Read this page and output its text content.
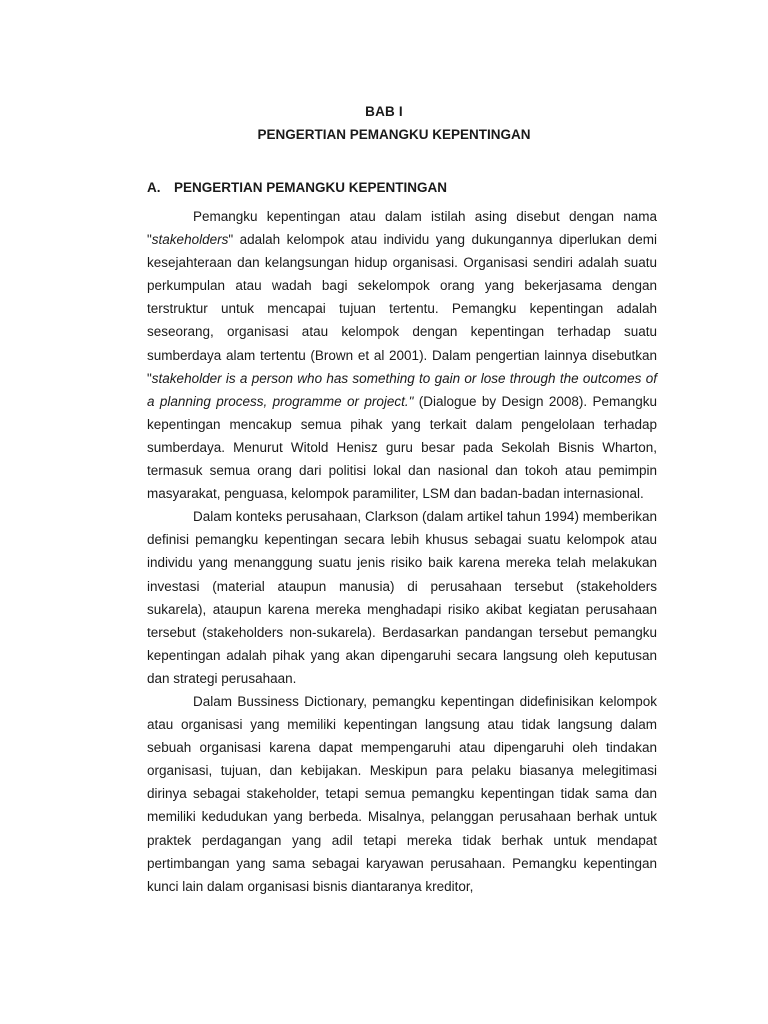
BAB I
PENGERTIAN PEMANGKU KEPENTINGAN
A. PENGERTIAN PEMANGKU KEPENTINGAN

Pemangku kepentingan atau dalam istilah asing disebut dengan nama "stakeholders" adalah kelompok atau individu yang dukungannya diperlukan demi kesejahteraan dan kelangsungan hidup organisasi. Organisasi sendiri adalah suatu perkumpulan atau wadah bagi sekelompok orang yang bekerjasama dengan terstruktur untuk mencapai tujuan tertentu. Pemangku kepentingan adalah seseorang, organisasi atau kelompok dengan kepentingan terhadap suatu sumberdaya alam tertentu (Brown et al 2001). Dalam pengertian lainnya disebutkan "stakeholder is a person who has something to gain or lose through the outcomes of a planning process, programme or project." (Dialogue by Design 2008). Pemangku kepentingan mencakup semua pihak yang terkait dalam pengelolaan terhadap sumberdaya. Menurut Witold Henisz guru besar pada Sekolah Bisnis Wharton, termasuk semua orang dari politisi lokal dan nasional dan tokoh atau pemimpin masyarakat, penguasa, kelompok paramiliter, LSM dan badan-badan internasional.

Dalam konteks perusahaan, Clarkson (dalam artikel tahun 1994) memberikan definisi pemangku kepentingan secara lebih khusus sebagai suatu kelompok atau individu yang menanggung suatu jenis risiko baik karena mereka telah melakukan investasi (material ataupun manusia) di perusahaan tersebut (stakeholders sukarela), ataupun karena mereka menghadapi risiko akibat kegiatan perusahaan tersebut (stakeholders non-sukarela). Berdasarkan pandangan tersebut pemangku kepentingan adalah pihak yang akan dipengaruhi secara langsung oleh keputusan dan strategi perusahaan.

Dalam Bussiness Dictionary, pemangku kepentingan didefinisikan kelompok atau organisasi yang memiliki kepentingan langsung atau tidak langsung dalam sebuah organisasi karena dapat mempengaruhi atau dipengaruhi oleh tindakan organisasi, tujuan, dan kebijakan. Meskipun para pelaku biasanya melegitimasi dirinya sebagai stakeholder, tetapi semua pemangku kepentingan tidak sama dan memiliki kedudukan yang berbeda. Misalnya, pelanggan perusahaan berhak untuk praktek perdagangan yang adil tetapi mereka tidak berhak untuk mendapat pertimbangan yang sama sebagai karyawan perusahaan. Pemangku kepentingan kunci lain dalam organisasi bisnis diantaranya kreditor,
